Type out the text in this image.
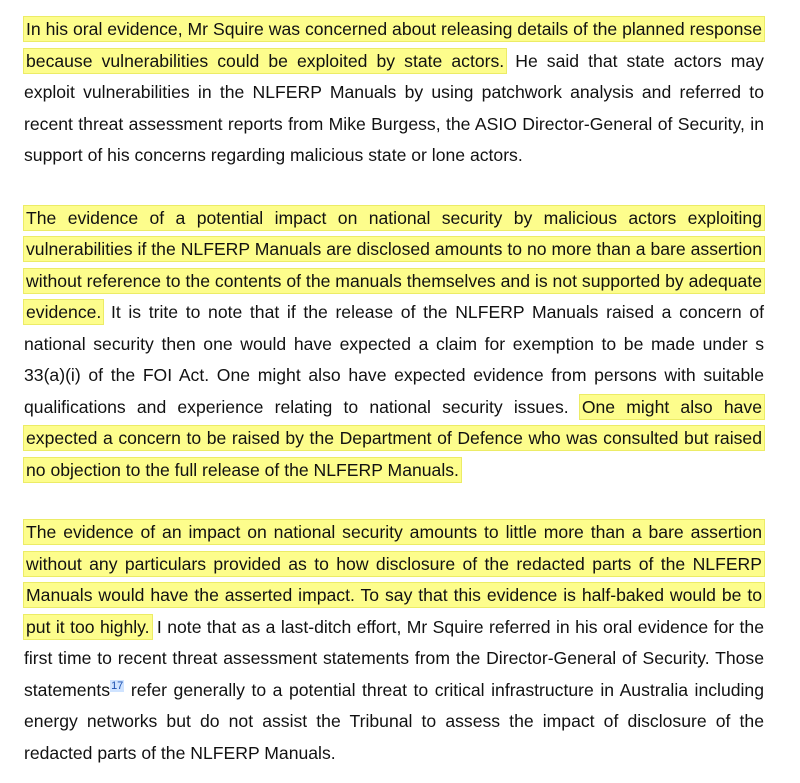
In his oral evidence, Mr Squire was concerned about releasing details of the planned response because vulnerabilities could be exploited by state actors. He said that state actors may exploit vulnerabilities in the NLFERP Manuals by using patchwork analysis and referred to recent threat assessment reports from Mike Burgess, the ASIO Director-General of Security, in support of his concerns regarding malicious state or lone actors.

The evidence of a potential impact on national security by malicious actors exploiting vulnerabilities if the NLFERP Manuals are disclosed amounts to no more than a bare assertion without reference to the contents of the manuals themselves and is not supported by adequate evidence. It is trite to note that if the release of the NLFERP Manuals raised a concern of national security then one would have expected a claim for exemption to be made under s 33(a)(i) of the FOI Act. One might also have expected evidence from persons with suitable qualifications and experience relating to national security issues. One might also have expected a concern to be raised by the Department of Defence who was consulted but raised no objection to the full release of the NLFERP Manuals.

The evidence of an impact on national security amounts to little more than a bare assertion without any particulars provided as to how disclosure of the redacted parts of the NLFERP Manuals would have the asserted impact. To say that this evidence is half-baked would be to put it too highly. I note that as a last-ditch effort, Mr Squire referred in his oral evidence for the first time to recent threat assessment statements from the Director-General of Security. Those statements$^{17}$ refer generally to a potential threat to critical infrastructure in Australia including energy networks but do not assist the Tribunal to assess the impact of disclosure of the redacted parts of the NLFERP Manuals.
